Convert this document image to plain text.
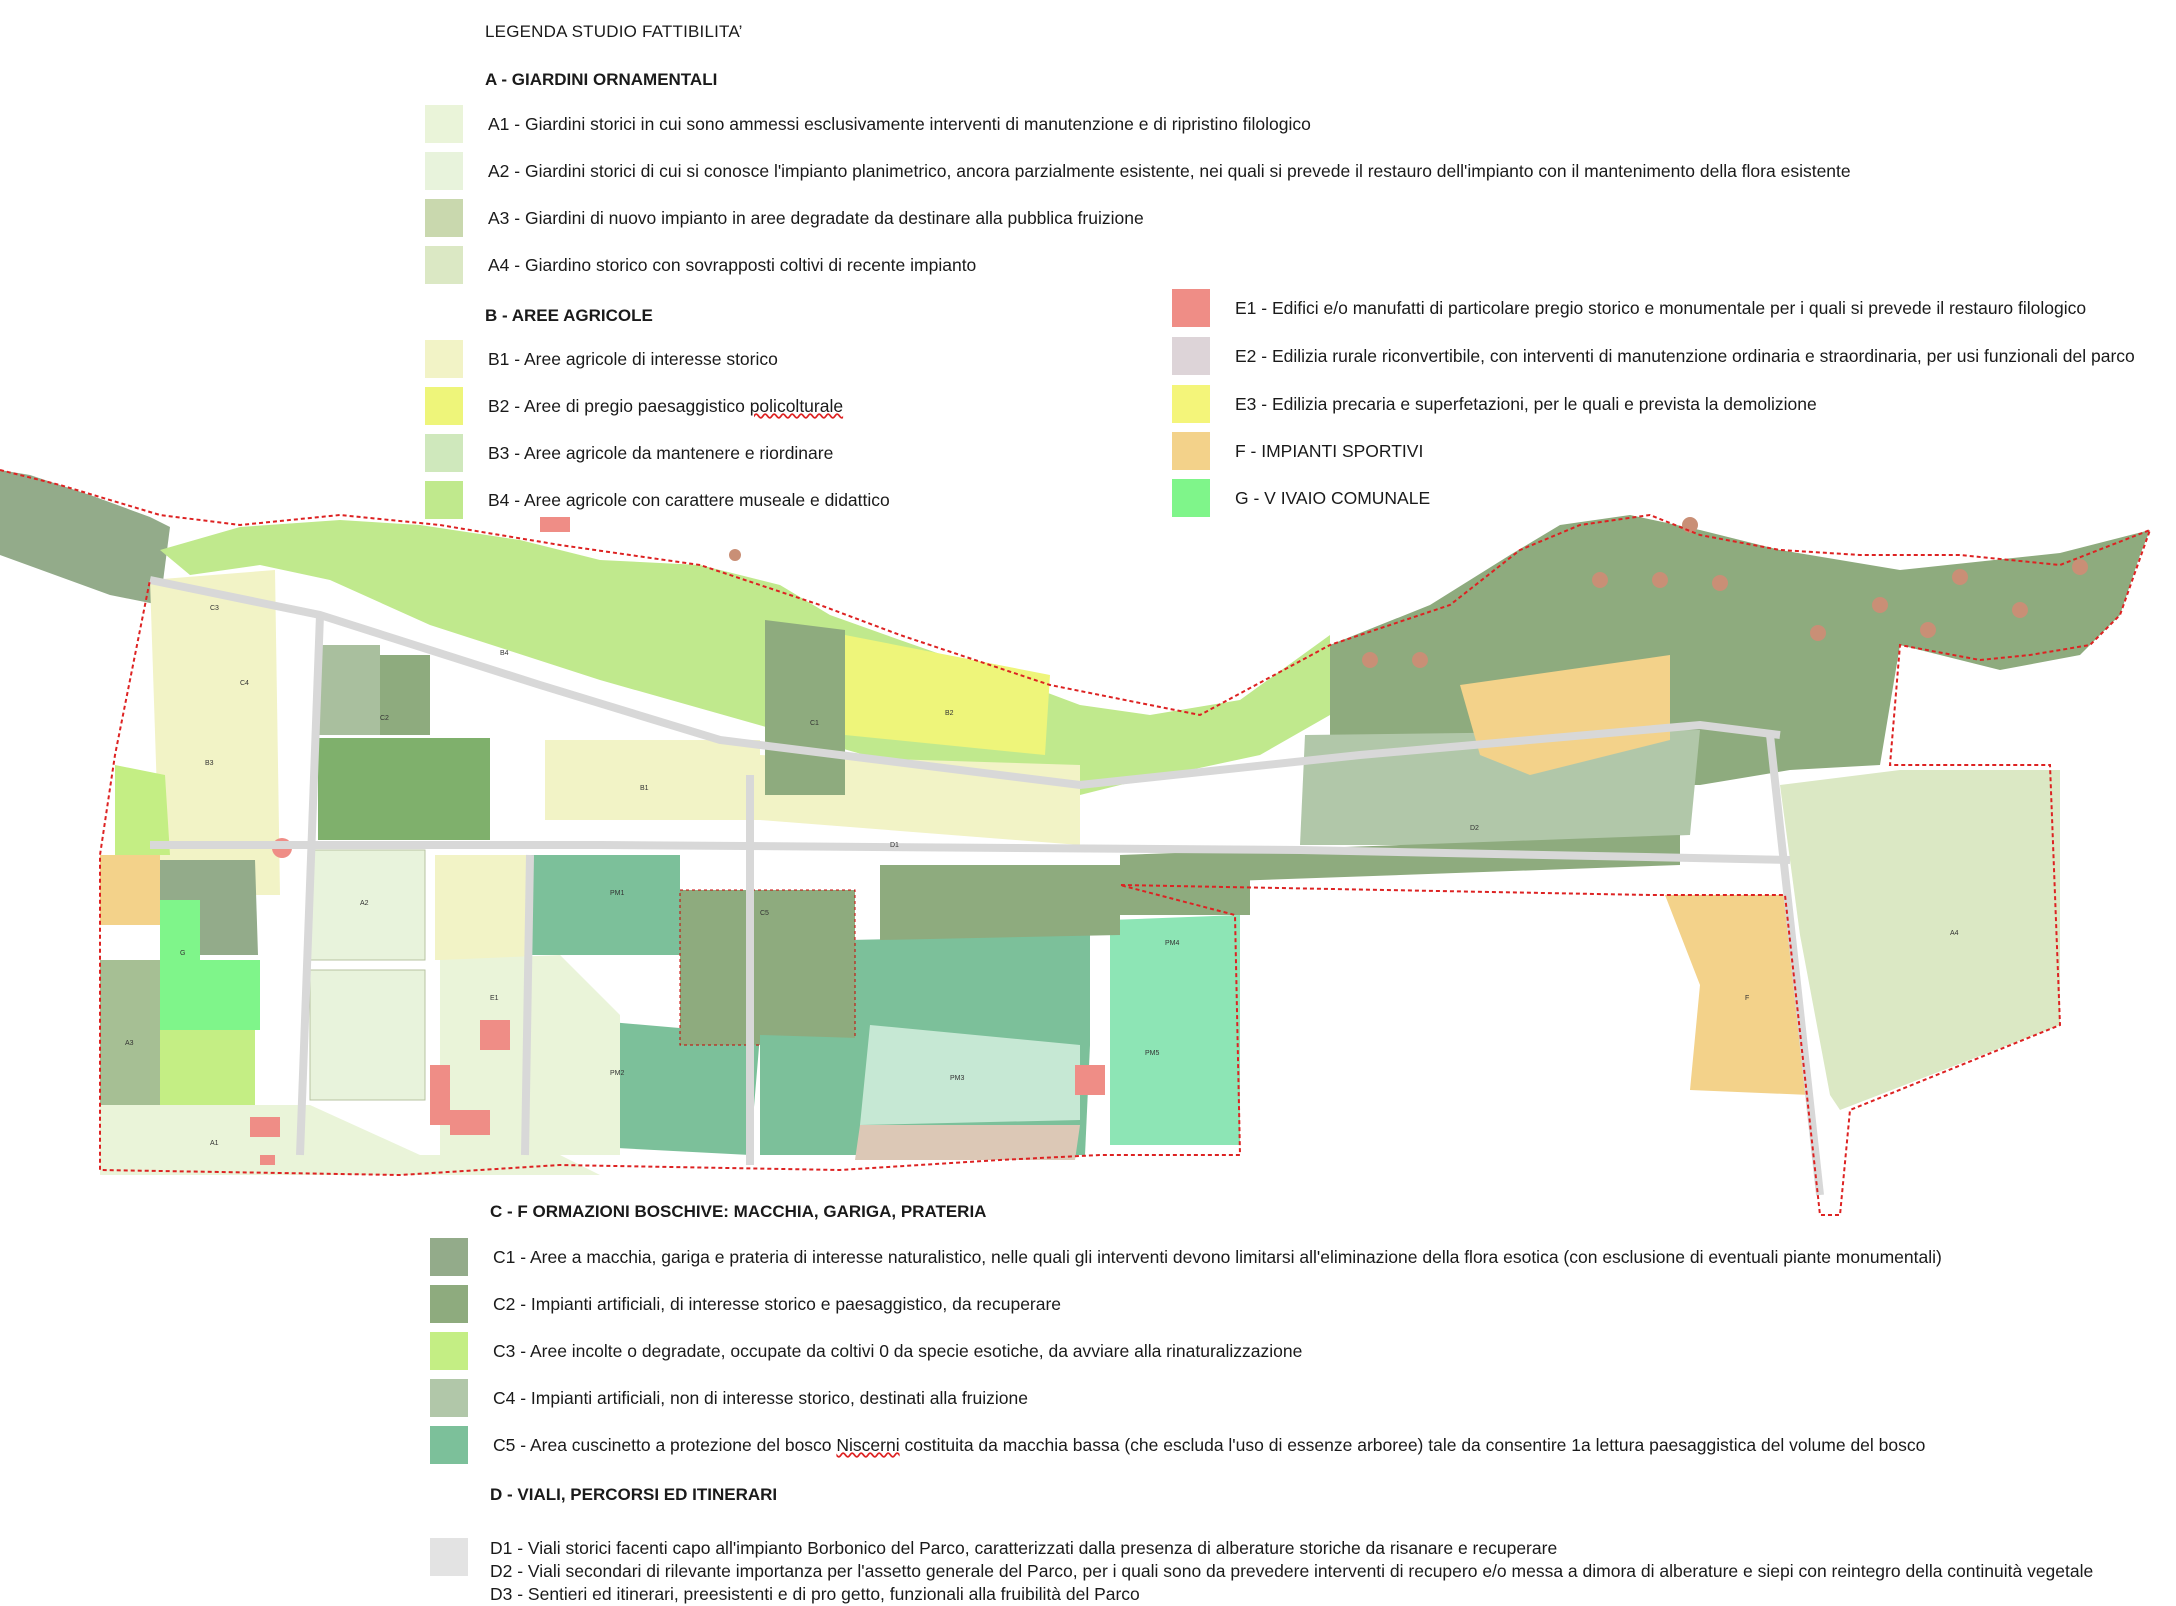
LEGENDA STUDIO FATTIBILITA’
A - GIARDINI ORNAMENTALI
A1 - Giardini storici in cui sono ammessi esclusivamente interventi di manutenzione e di ripristino filologico
A2 - Giardini storici di cui si conosce l'impianto planimetrico, ancora parzialmente esistente, nei quali si prevede il restauro dell'impianto con il mantenimento della flora esistente
A3 - Giardini di nuovo impianto in aree degradate da destinare alla pubblica fruizione
A4 - Giardino storico con sovrapposti coltivi di recente impianto
B - AREE AGRICOLE
B1 - Aree agricole di interesse storico
B2 - Aree di pregio paesaggistico policolturale
B3 - Aree agricole da mantenere e riordinare
B4 - Aree agricole con carattere museale e didattico
E1 - Edifici e/o manufatti di particolare pregio storico e monumentale per i quali si prevede il restauro filologico
E2 - Edilizia rurale riconvertibile, con interventi di manutenzione ordinaria e straordinaria, per usi funzionali del parco
E3 - Edilizia precaria e superfetazioni, per le quali e prevista la demolizione
F - IMPIANTI SPORTIVI
G - V IVAIO COMUNALE
C3
C4
C1
C2
B4
B3
B1
B2
C5
A2
A3
A4
A1
F
G
E1
PM1
PM2
PM3
PM4
PM5
D1
D2
C - F ORMAZIONI BOSCHIVE: MACCHIA, GARIGA, PRATERIA
C1 - Aree a macchia, gariga e prateria di interesse naturalistico, nelle quali gli interventi devono limitarsi all'eliminazione della flora esotica (con esclusione di eventuali piante monumentali)
C2 - Impianti artificiali, di interesse storico e paesaggistico, da recuperare
C3 - Aree incolte o degradate, occupate da coltivi 0 da specie esotiche, da avviare alla rinaturalizzazione
C4 - Impianti artificiali, non di interesse storico, destinati alla fruizione
C5 - Area cuscinetto a protezione del bosco Niscerni costituita da macchia bassa (che escluda l'uso di essenze arboree) tale da consentire 1a lettura paesaggistica del volume del bosco
D - VIALI, PERCORSI ED ITINERARI
D1 - Viali storici facenti capo all'impianto Borbonico del Parco, caratterizzati dalla presenza di alberature storiche da risanare e recuperare
D2 - Viali secondari di rilevante importanza per l'assetto generale del Parco, per i quali sono da prevedere interventi di recupero e/o messa a dimora di alberature e siepi con reintegro della continuità vegetale
D3 - Sentieri ed itinerari, preesistenti e di pro getto, funzionali alla fruibilità del Parco
